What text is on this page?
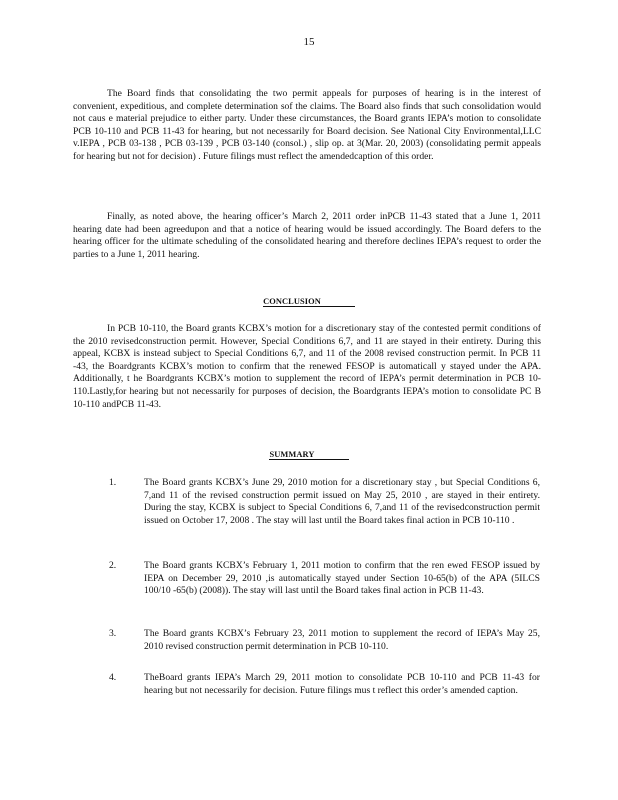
15

The Board finds that consolidating the two permit appeals for purposes of hearing is in the interest of convenient, expeditious, and complete determination sof the claims. The Board also finds that such consolidation would not caus e material prejudice to either party. Under these circumstances, the Board grants IEPA’s motion to consolidate PCB 10-110 and PCB 11-43 for hearing, but not necessarily for Board decision. See National City Environmental,LLC v.IEPA , PCB 03-138 , PCB 03-139 , PCB 03-140 (consol.) , slip op. at 3(Mar. 20, 2003) (consolidating permit appeals for hearing but not for decision) . Future filings must reflect the amendedcaption of this order.

Finally, as noted above, the hearing officer’s March 2, 2011 order inPCB 11-43 stated that a June 1, 2011 hearing date had been agreedupon and that a notice of hearing would be issued accordingly. The Board defers to the hearing officer for the ultimate scheduling of the consolidated hearing and therefore declines IEPA’s request to order the parties to a June 1, 2011 hearing.

CONCLUSION

In PCB 10-110, the Board grants KCBX’s motion for a discretionary stay of the contested permit conditions of the 2010 revisedconstruction permit. However, Special Conditions 6,7, and 11 are stayed in their entirety. During this appeal, KCBX is instead subject to Special Conditions 6,7, and 11 of the 2008 revised construction permit. In PCB 11 -43, the Boardgrants KCBX’s motion to confirm that the renewed FESOP is automaticall y stayed under the APA. Additionally, t he Boardgrants KCBX’s motion to supplement the record of IEPA’s permit determination in PCB 10-110.Lastly,for hearing but not necessarily for purposes of decision, the Boardgrants IEPA’s motion to consolidate PC B 10-110 andPCB 11-43.

SUMMARY
1.	The Board grants KCBX’s June 29, 2010 motion for a discretionary stay , but Special Conditions 6, 7,and 11 of the revised construction permit issued on May 25, 2010 , are stayed in their entirety. During the stay, KCBX is subject to Special Conditions 6, 7,and 11 of the revisedconstruction permit issued on October 17, 2008 . The stay will last until the Board takes final action in PCB 10-110 .
2.	The Board grants KCBX’s February 1, 2011 motion to confirm that the ren ewed FESOP issued by IEPA on December 29, 2010 ,is automatically stayed under Section 10-65(b) of the APA (5ILCS 100/10 -65(b) (2008)). The stay will last until the Board takes final action in PCB 11-43.
3.	The Board grants KCBX’s February 23, 2011 motion to supplement the record of IEPA’s May 25, 2010 revised construction permit determination in PCB 10-110.
4.	TheBoard grants IEPA’s March 29, 2011 motion to consolidate PCB 10-110 and PCB 11-43 for hearing but not necessarily for decision. Future filings mus t reflect this order’s amended caption.
